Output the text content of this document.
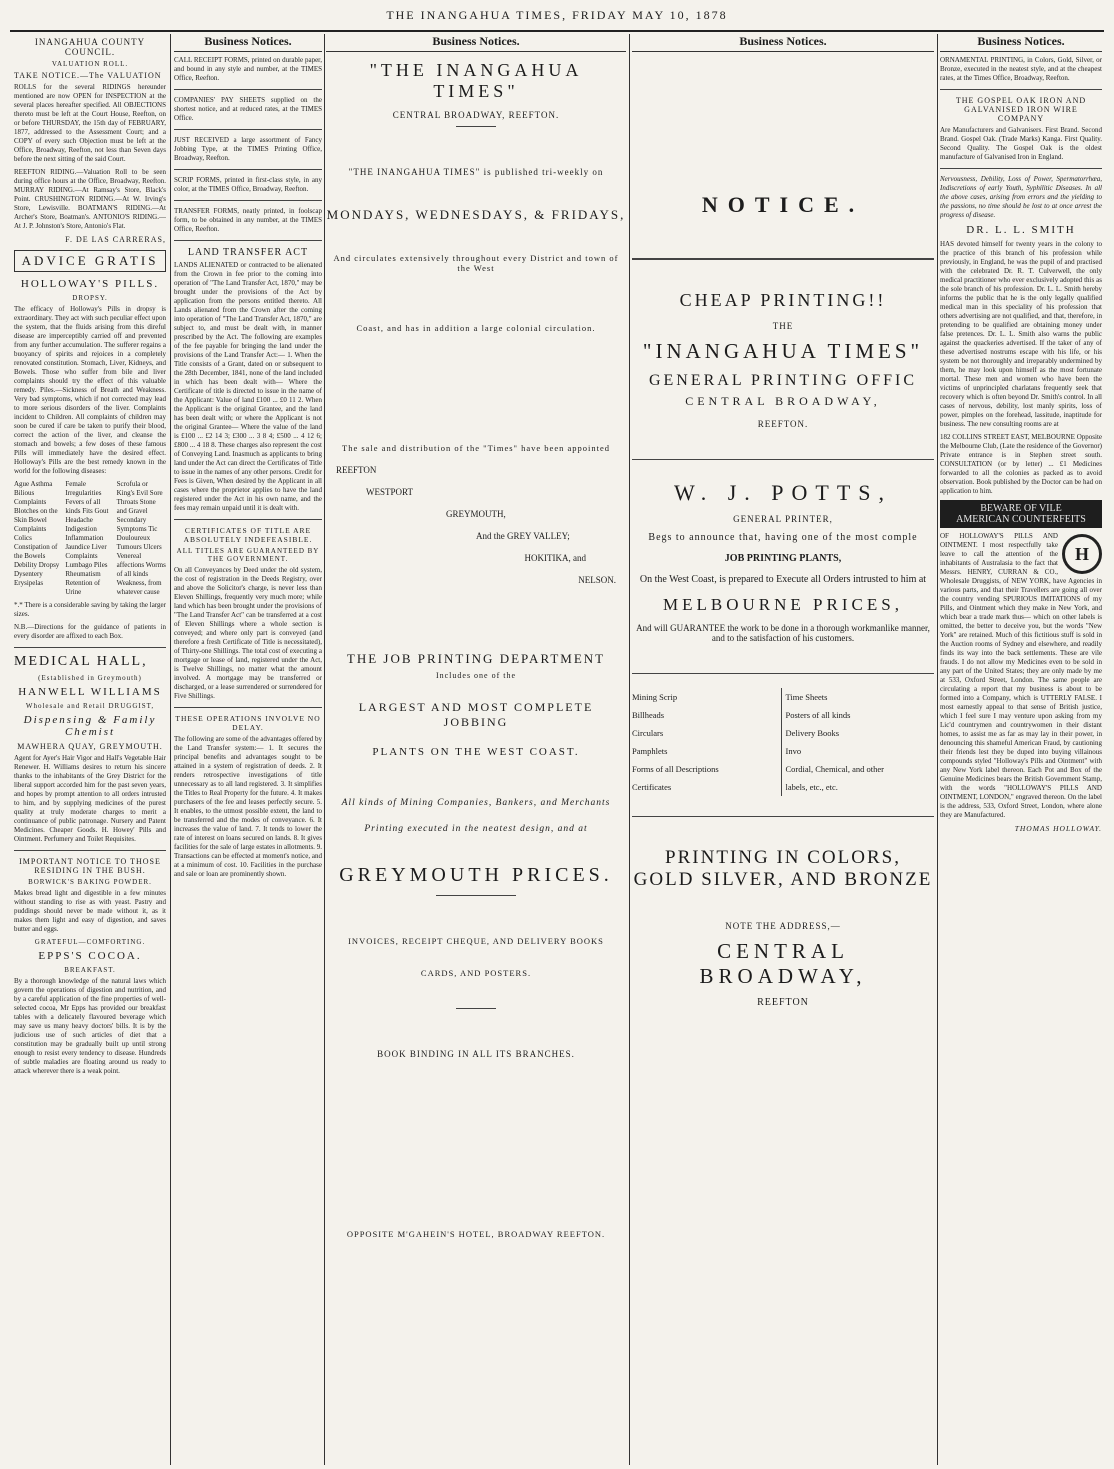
THE INANGAHUA TIMES, FRIDAY MAY 10, 1878
INANGAHUA COUNTY COUNCIL.
VALUATION ROLL.
TAKE NOTICE.—The VALUATION

ROLLS for the several RIDINGS hereunder mentioned are now OPEN for INSPECTION at the several places hereafter specified. All OBJECTIONS thereto must be left at the Court House, Reefton, on or before THURSDAY, the 15th day of FEBRUARY, 1877, addressed to the Assessment Court; and a COPY of every such Objection must be left at the Office, Broadway, Reefton, not less than Seven days before the next sitting of the said Court.

REEFTON RIDING.—Valuation Roll to be seen during office hours at the Office, Broadway, Reefton. MURRAY RIDING.—At Ramsay's Store, Black's Point. CRUSHINGTON RIDING.—At W. Irving's Store, Lewisville. BOATMAN'S RIDING.—At Archer's Store, Boatman's. ANTONIO'S RIDING.—At J. P. Johnston's Store, Antonio's Flat.

F. DE LAS CARRERAS,
ADVICE GRATIS
HOLLOWAY'S PILLS.
DROPSY.

The efficacy of Holloway's Pills in dropsy is extraordinary. They act with such peculiar effect upon the system, that the fluids arising from this direful disease are imperceptibly carried off and prevented from any further accumulation. The sufferer regains a buoyancy of spirits and rejoices in a completely renovated constitution. Stomach, Liver, Kidneys, and Bowels. Those who suffer from bile and liver complaints should try the effect of this valuable remedy. Piles.—Sickness of Breath and Weakness. Very bad symptoms, which if not corrected may lead to more serious disorders of the liver. Complaints incident to Children. All complaints of children may soon be cured if care be taken to purify their blood, correct the action of the liver, and cleanse the stomach and bowels; a few doses of these famous Pills will immediately have the desired effect. Holloway's Pills are the best remedy known in the world for the following diseases:

Ague Asthma Bilious Complaints Blotches on the Skin Bowel Complaints Colics Constipation of the Bowels Debility Dropsy Dysentery Erysipelas

Female Irregularities Fevers of all kinds Fits Gout Headache Indigestion Inflammation Jaundice Liver Complaints Lumbago Piles Rheumatism Retention of Urine

Scrofula or King's Evil Sore Throats Stone and Gravel Secondary Symptoms Tic Douloureux Tumours Ulcers Venereal affections Worms of all kinds Weakness, from whatever cause

*.* There is a considerable saving by taking the larger sizes.

N.B.—Directions for the guidance of patients in every disorder are affixed to each Box.

MEDICAL HALL,
(Established in Greymouth)
HANWELL WILLIAMS
Wholesale and Retail DRUGGIST,
Dispensing & Family Chemist
MAWHERA QUAY, GREYMOUTH.

Agent for Ayer's Hair Vigor and Hall's Vegetable Hair Renewer. H. Williams desires to return his sincere thanks to the inhabitants of the Grey District for the liberal support accorded him for the past seven years, and hopes by prompt attention to all orders intrusted to him, and by supplying medicines of the purest quality at truly moderate charges to merit a continuance of public patronage. Nursery and Patent Medicines. Cheaper Goods. H. Howey' Pills and Ointment. Perfumery and Toilet Requisites.

IMPORTANT NOTICE TO THOSE RESIDING IN THE BUSH.
BORWICK'S BAKING POWDER.

Makes bread light and digestible in a few minutes without standing to rise as with yeast. Pastry and puddings should never be made without it, as it makes them light and easy of digestion, and saves butter and eggs.

GRATEFUL—COMFORTING.
EPPS'S COCOA.
BREAKFAST.

By a thorough knowledge of the natural laws which govern the operations of digestion and nutrition, and by a careful application of the fine properties of well-selected cocoa, Mr Epps has provided our breakfast tables with a delicately flavoured beverage which may save us many heavy doctors' bills. It is by the judicious use of such articles of diet that a constitution may be gradually built up until strong enough to resist every tendency to disease. Hundreds of subtle maladies are floating around us ready to attack wherever there is a weak point.

Business Notices.

CALL RECEIPT FORMS, printed on durable paper, and bound in any style and number, at the TIMES Office, Reefton.

COMPANIES' PAY SHEETS supplied on the shortest notice, and at reduced rates, at the TIMES Office.

JUST RECEIVED a large assortment of Fancy Jobbing Type, at the TIMES Printing Office, Broadway, Reefton.

SCRIP FORMS, printed in first-class style, in any color, at the TIMES Office, Broadway, Reefton.

TRANSFER FORMS, neatly printed, in foolscap form, to be obtained in any number, at the TIMES Office, Reefton.

LAND TRANSFER ACT

LANDS ALIENATED or contracted to be alienated from the Crown in fee prior to the coming into operation of "The Land Transfer Act, 1870," may be brought under the provisions of the Act by application from the persons entitled thereto. All Lands alienated from the Crown after the coming into operation of "The Land Transfer Act, 1870," are subject to, and must be dealt with, in manner prescribed by the Act. The following are examples of the fee payable for bringing the land under the provisions of the Land Transfer Act:— 1. When the Title consists of a Grant, dated on or subsequent to the 28th December, 1841, none of the land included in which has been dealt with— Where the Certificate of title is directed to issue in the name of the Applicant: Value of land £100 ... £0 11 2. When the Applicant is the original Grantee, and the land has been dealt with; or where the Applicant is not the original Grantee— Where the value of the land is £100 ... £2 14 3; £300 ... 3 8 4; £500 ... 4 12 6; £800 ... 4 18 8. These charges also represent the cost of Conveying Land. Inasmuch as applicants to bring land under the Act can direct the Certificates of Title to issue in the names of any other persons. Credit for Fees is Given, When desired by the Applicant in all cases where the proprietor applies to have the land registered under the Act in his own name, and the fees may remain unpaid until it is dealt with.

CERTIFICATES OF TITLE ARE ABSOLUTELY INDEFEASIBLE.
ALL TITLES ARE GUARANTEED BY THE GOVERNMENT.

On all Conveyances by Deed under the old system, the cost of registration in the Deeds Registry, over and above the Solicitor's charge, is never less than Eleven Shillings, frequently very much more; while land which has been brought under the provisions of "The Land Transfer Act" can be transferred at a cost of Eleven Shillings where a whole section is conveyed; and where only part is conveyed (and therefore a fresh Certificate of Title is necessitated), of Thirty-one Shillings. The total cost of executing a mortgage or lease of land, registered under the Act, is Twelve Shillings, no matter what the amount involved. A mortgage may be transferred or discharged, or a lease surrendered or surrendered for Five Shillings.

THESE OPERATIONS INVOLVE NO DELAY.

The following are some of the advantages offered by the Land Transfer system:— 1. It secures the principal benefits and advantages sought to be attained in a system of registration of deeds. 2. It renders retrospective investigations of title unnecessary as to all land registered. 3. It simplifies the Titles to Real Property for the future. 4. It makes purchasers of the fee and leases perfectly secure. 5. It enables, to the utmost possible extent, the land to be transferred and the modes of conveyance. 6. It increases the value of land. 7. It tends to lower the rate of interest on loans secured on lands. 8. It gives facilities for the sale of large estates in allotments. 9. Transactions can be effected at moment's notice, and at a minimum of cost. 10. Facilities in the purchase and sale or loan are prominently shown.

Business Notices.
"THE INANGAHUA TIMES"
CENTRAL BROADWAY, REEFTON.
"THE INANGAHUA TIMES" is published tri-weekly on
MONDAYS, WEDNESDAYS, & FRIDAYS,
And circulates extensively throughout every District and town of the West
Coast, and has in addition a large colonial circulation.
The sale and distribution of the "Times" have been appointed
REEFTON
WESTPORT
GREYMOUTH,
And the GREY VALLEY;
HOKITIKA, and
NELSON.
THE JOB PRINTING DEPARTMENT
Includes one of the
LARGEST AND MOST COMPLETE JOBBING
PLANTS ON THE WEST COAST.
All kinds of Mining Companies, Bankers, and Merchants
Printing executed in the neatest design, and at
GREYMOUTH PRICES.
INVOICES, RECEIPT CHEQUE, AND DELIVERY BOOKS
CARDS, AND POSTERS.
BOOK BINDING IN ALL ITS BRANCHES.
OPPOSITE M'GAHEIN'S HOTEL, BROADWAY REEFTON.
Business Notices.
NOTICE.
CHEAP PRINTING!!
THE
"INANGAHUA TIMES"
GENERAL PRINTING OFFIC
CENTRAL BROADWAY,
REEFTON.
W. J. POTTS,
GENERAL PRINTER,
Begs to announce that, having one of the most comple
JOB PRINTING PLANTS,
On the West Coast, is prepared to Execute all Orders intrusted to him at
MELBOURNE PRICES,
And will GUARANTEE the work to be done in a thorough workmanlike manner, and to the satisfaction of his customers.
Mining Scrip
Billheads
Circulars
Pamphlets
Forms of all Descriptions
Certificates
Time Sheets
Posters of all kinds
Delivery Books
Invo
Cordial, Chemical, and other
labels, etc., etc.
PRINTING IN COLORS, GOLD SILVER, AND BRONZE
NOTE THE ADDRESS,—
CENTRAL BROADWAY,
REEFTON
Business Notices.

ORNAMENTAL PRINTING, in Colors, Gold, Silver, or Bronze, executed in the neatest style, and at the cheapest rates, at the Times Office, Broadway, Reefton.

THE GOSPEL OAK IRON AND GALVANISED IRON WIRE COMPANY

Are Manufacturers and Galvanisers. First Brand. Second Brand. Gospel Oak. (Trade Marks) Kanga. First Quality. Second Quality. The Gospel Oak is the oldest manufacture of Galvanised Iron in England.

Nervousness, Debility, Loss of Power, Spermatorrhœa, Indiscretions of early Youth, Syphilitic Diseases. In all the above cases, arising from errors and the yielding to the passions, no time should be lost to at once arrest the progress of disease.

DR. L. L. SMITH

HAS devoted himself for twenty years in the colony to the practice of this branch of his profession while previously, in England, he was the pupil of and practised with the celebrated Dr. R. T. Culverwell, the only medical practitioner who ever exclusively adopted this as the sole branch of his profession. Dr. L. L. Smith hereby informs the public that he is the only legally qualified medical man in this speciality of his profession that others advertising are not qualified, and that, therefore, in pretending to be qualified are obtaining money under false pretences. Dr. L. L. Smith also warns the public against the quackeries advertised. If the taker of any of these advertised nostrums escape with his life, or his system be not thoroughly and irreparably undermined by them, he may look upon himself as the most fortunate mortal. These men and women who have been the victims of unprincipled charlatans frequently seek that recovery which is often beyond Dr. Smith's control. In all cases of nervous, debility, lost manly spirits, loss of power, pimples on the forehead, lassitude, inaptitude for business. The new consulting rooms are at

182 COLLINS STREET EAST, MELBOURNE Opposite the Melbourne Club, (Late the residence of the Governor) Private entrance is in Stephen street south. CONSULTATION (or by letter) ... £1 Medicines forwarded to all the colonies as packed as to avoid observation. Book published by the Doctor can be had on application to him.

BEWARE OF VILE
AMERICAN COUNTERFEITS
H

OF HOLLOWAY'S PILLS AND OINTMENT. I most respectfully take leave to call the attention of the inhabitants of Australasia to the fact that Messrs. HENRY, CURRAN & CO., Wholesale Druggists, of NEW YORK, have Agencies in various parts, and that their Travellers are going all over the country vending SPURIOUS IMITATIONS of my Pills, and Ointment which they make in New York, and which bear a trade mark thus— which on other labels is omitted, the better to deceive you, but the words "New York" are retained. Much of this fictitious stuff is sold in the Auction rooms of Sydney and elsewhere, and readily finds its way into the back settlements. These are vile frauds. I do not allow my Medicines even to be sold in any part of the United States; they are only made by me at 533, Oxford Street, London. The same people are circulating a report that my business is about to be formed into a Company, which is UTTERLY FALSE. I most earnestly appeal to that sense of British justice, which I feel sure I may venture upon asking from my Lic'd countrymen and countrywomen in their distant homes, to assist me as far as may lay in their power, in denouncing this shameful American Fraud, by cautioning their friends lest they be duped into buying villainous compounds styled "Holloway's Pills and Ointment" with any New York label thereon. Each Pot and Box of the Genuine Medicines bears the British Government Stamp, with the words "HOLLOWAY'S PILLS AND OINTMENT, LONDON," engraved thereon. On the label is the address, 533, Oxford Street, London, where alone they are Manufactured.

THOMAS HOLLOWAY.
